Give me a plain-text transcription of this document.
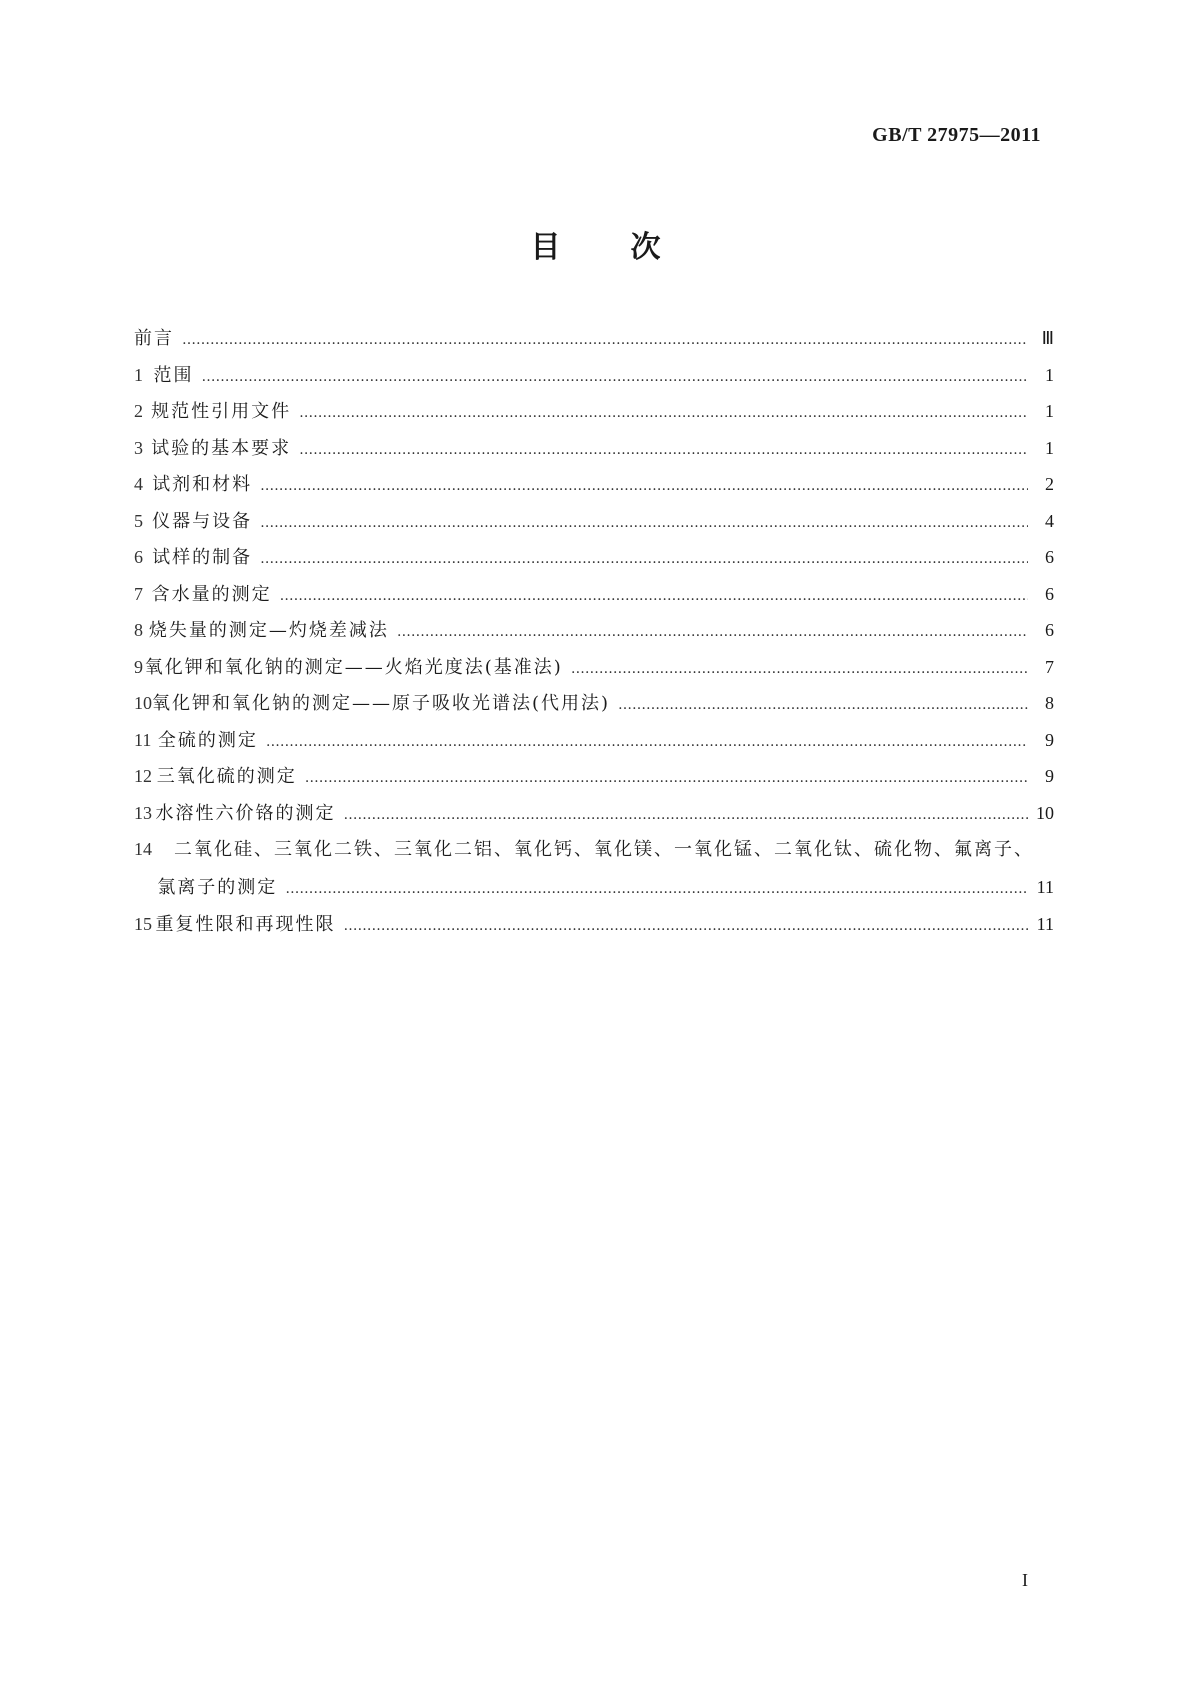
GB/T 27975—2011
目次
前言 …………………………………………………………………………………………………………………………………………………………………………………………………………………………………………………	Ⅲ
1 范围 …………………………………………………………………………………………………………………………………………………………………………………………………………………………………………………	1
2 规范性引用文件 …………………………………………………………………………………………………………………………………………………………………………………………………………………………………………………	1
3 试验的基本要求 …………………………………………………………………………………………………………………………………………………………………………………………………………………………………………………	1
4 试剂和材料 …………………………………………………………………………………………………………………………………………………………………………………………………………………………………………………	2
5 仪器与设备 …………………………………………………………………………………………………………………………………………………………………………………………………………………………………………………	4
6 试样的制备 …………………………………………………………………………………………………………………………………………………………………………………………………………………………………………………	6
7 含水量的测定 …………………………………………………………………………………………………………………………………………………………………………………………………………………………………………………	6
8 烧失量的测定—灼烧差减法 …………………………………………………………………………………………………………………………………………………………………………………………………………………………………………………	6
9 氧化钾和氧化钠的测定——火焰光度法(基准法) …………………………………………………………………………………………………………………………………………………………………………………………………………………………………………………	7
10 氧化钾和氧化钠的测定——原子吸收光谱法(代用法) …………………………………………………………………………………………………………………………………………………………………………………………………………………………………………………	8
11 全硫的测定 …………………………………………………………………………………………………………………………………………………………………………………………………………………………………………………	9
12 三氧化硫的测定 …………………………………………………………………………………………………………………………………………………………………………………………………………………………………………………	9
13 水溶性六价铬的测定 …………………………………………………………………………………………………………………………………………………………………………………………………………………………………………………	10
14	二氧化硅、三氧化二铁、三氧化二铝、氧化钙、氧化镁、一氧化锰、二氧化钛、硫化物、氟离子、
氯离子的测定 …………………………………………………………………………………………………………………………………………………………………………………………………………………………………………………	11
15 重复性限和再现性限 …………………………………………………………………………………………………………………………………………………………………………………………………………………………………………………	11
I
